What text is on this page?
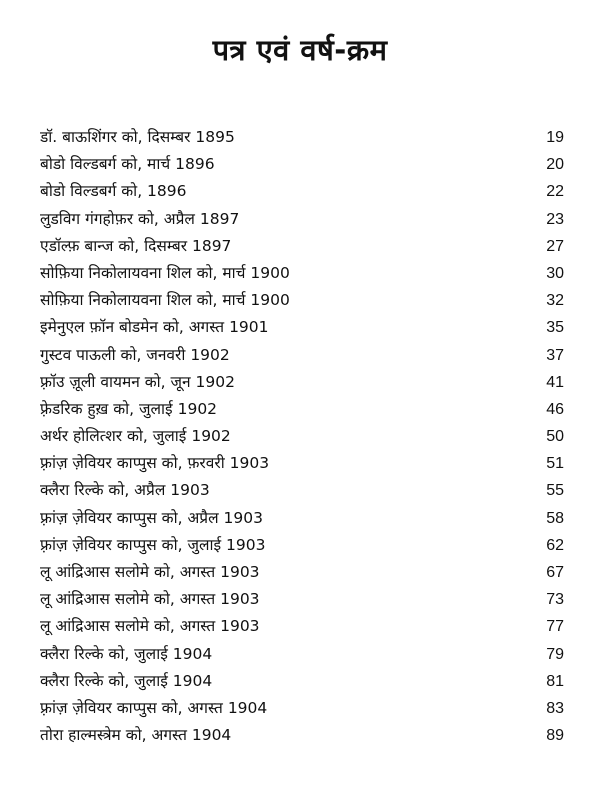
पत्र एवं वर्ष-क्रम
डॉ. बाऊशिंगर को, दिसम्बर 1895	19
बोडो विल्डबर्ग को, मार्च 1896	20
बोडो विल्डबर्ग को, 1896	22
लुडविग गंगहोफ़र को, अप्रैल 1897	23
एडॉल्फ़ बान्ज को, दिसम्बर 1897	27
सोफ़िया निकोलायवना शिल को, मार्च 1900	30
सोफ़िया निकोलायवना शिल को, मार्च 1900	32
इमेनुएल फ़ॉन बोडमेन को, अगस्त 1901	35
गुस्टव पाऊली को, जनवरी 1902	37
फ़्रॉउ ज़ूली वायमन को, जून 1902	41
फ़्रेडरिक हुख़ को, जुलाई 1902	46
अर्थर होलित्शर को, जुलाई 1902	50
फ़्रांज़ ज़ेवियर काप्पुस को, फ़रवरी 1903	51
क्लैरा रिल्के को, अप्रैल 1903	55
फ़्रांज़ ज़ेवियर काप्पुस को, अप्रैल 1903	58
फ़्रांज़ ज़ेवियर काप्पुस को, जुलाई 1903	62
लू आंद्रिआस सलोमे को, अगस्त 1903	67
लू आंद्रिआस सलोमे को, अगस्त 1903	73
लू आंद्रिआस सलोमे को, अगस्त 1903	77
क्लैरा रिल्के को, जुलाई 1904	79
क्लैरा रिल्के को, जुलाई 1904	81
फ़्रांज़ ज़ेवियर काप्पुस को, अगस्त 1904	83
तोरा हाल्मस्त्रेम को, अगस्त 1904	89
